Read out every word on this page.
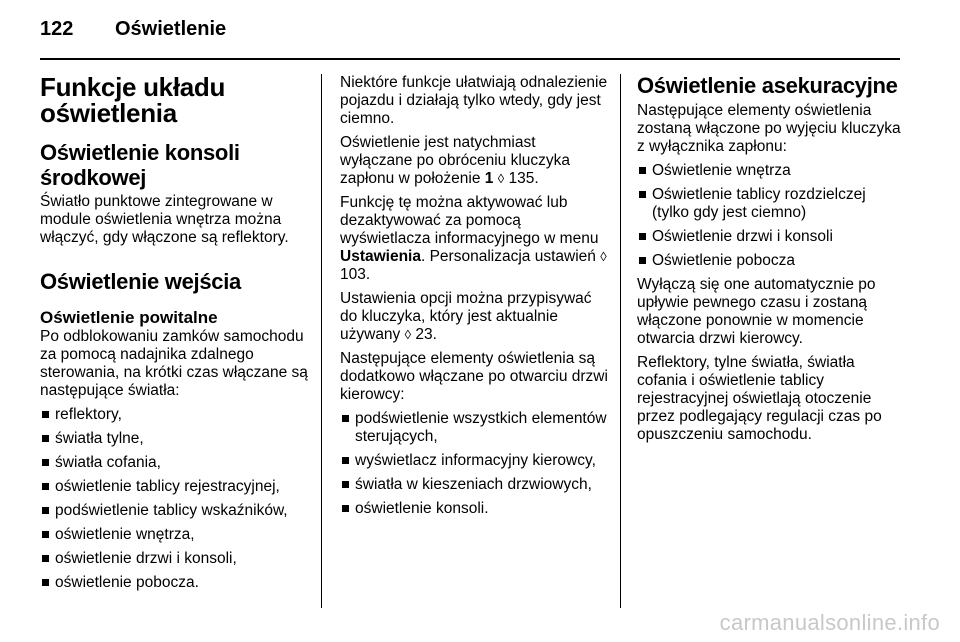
122	Oświetlenie
Funkcje układu oświetlenia
Oświetlenie konsoli środkowej

Światło punktowe zintegrowane w module oświetlenia wnętrza można włączyć, gdy włączone są reflektory.

Oświetlenie wejścia
Oświetlenie powitalne

Po odblokowaniu zamków samochodu za pomocą nadajnika zdalnego sterowania, na krótki czas włączane są następujące światła:

reflektory,
światła tylne,
światła cofania,
oświetlenie tablicy rejestracyjnej,
podświetlenie tablicy wskaźników,
oświetlenie wnętrza,
oświetlenie drzwi i konsoli,
oświetlenie pobocza.

Niektóre funkcje ułatwiają odnalezienie pojazdu i działają tylko wtedy, gdy jest ciemno.

Oświetlenie jest natychmiast wyłączane po obróceniu kluczyka zapłonu w położenie 1 ◊ 135.

Funkcję tę można aktywować lub dezaktywować za pomocą wyświetlacza informacyjnego w menu Ustawienia. Personalizacja ustawień ◊ 103.

Ustawienia opcji można przypisywać do kluczyka, który jest aktualnie używany ◊ 23.

Następujące elementy oświetlenia są dodatkowo włączane po otwarciu drzwi kierowcy:

podświetlenie wszystkich elementów sterujących,
wyświetlacz informacyjny kierowcy,
światła w kieszeniach drzwiowych,
oświetlenie konsoli.
Oświetlenie asekuracyjne

Następujące elementy oświetlenia zostaną włączone po wyjęciu kluczyka z wyłącznika zapłonu:

Oświetlenie wnętrza
Oświetlenie tablicy rozdzielczej (tylko gdy jest ciemno)
Oświetlenie drzwi i konsoli
Oświetlenie pobocza

Wyłączą się one automatycznie po upływie pewnego czasu i zostaną włączone ponownie w momencie otwarcia drzwi kierowcy.

Reflektory, tylne światła, światła cofania i oświetlenie tablicy rejestracyjnej oświetlają otoczenie przez podlegający regulacji czas po opuszczeniu samochodu.

carmanualsonline.info
